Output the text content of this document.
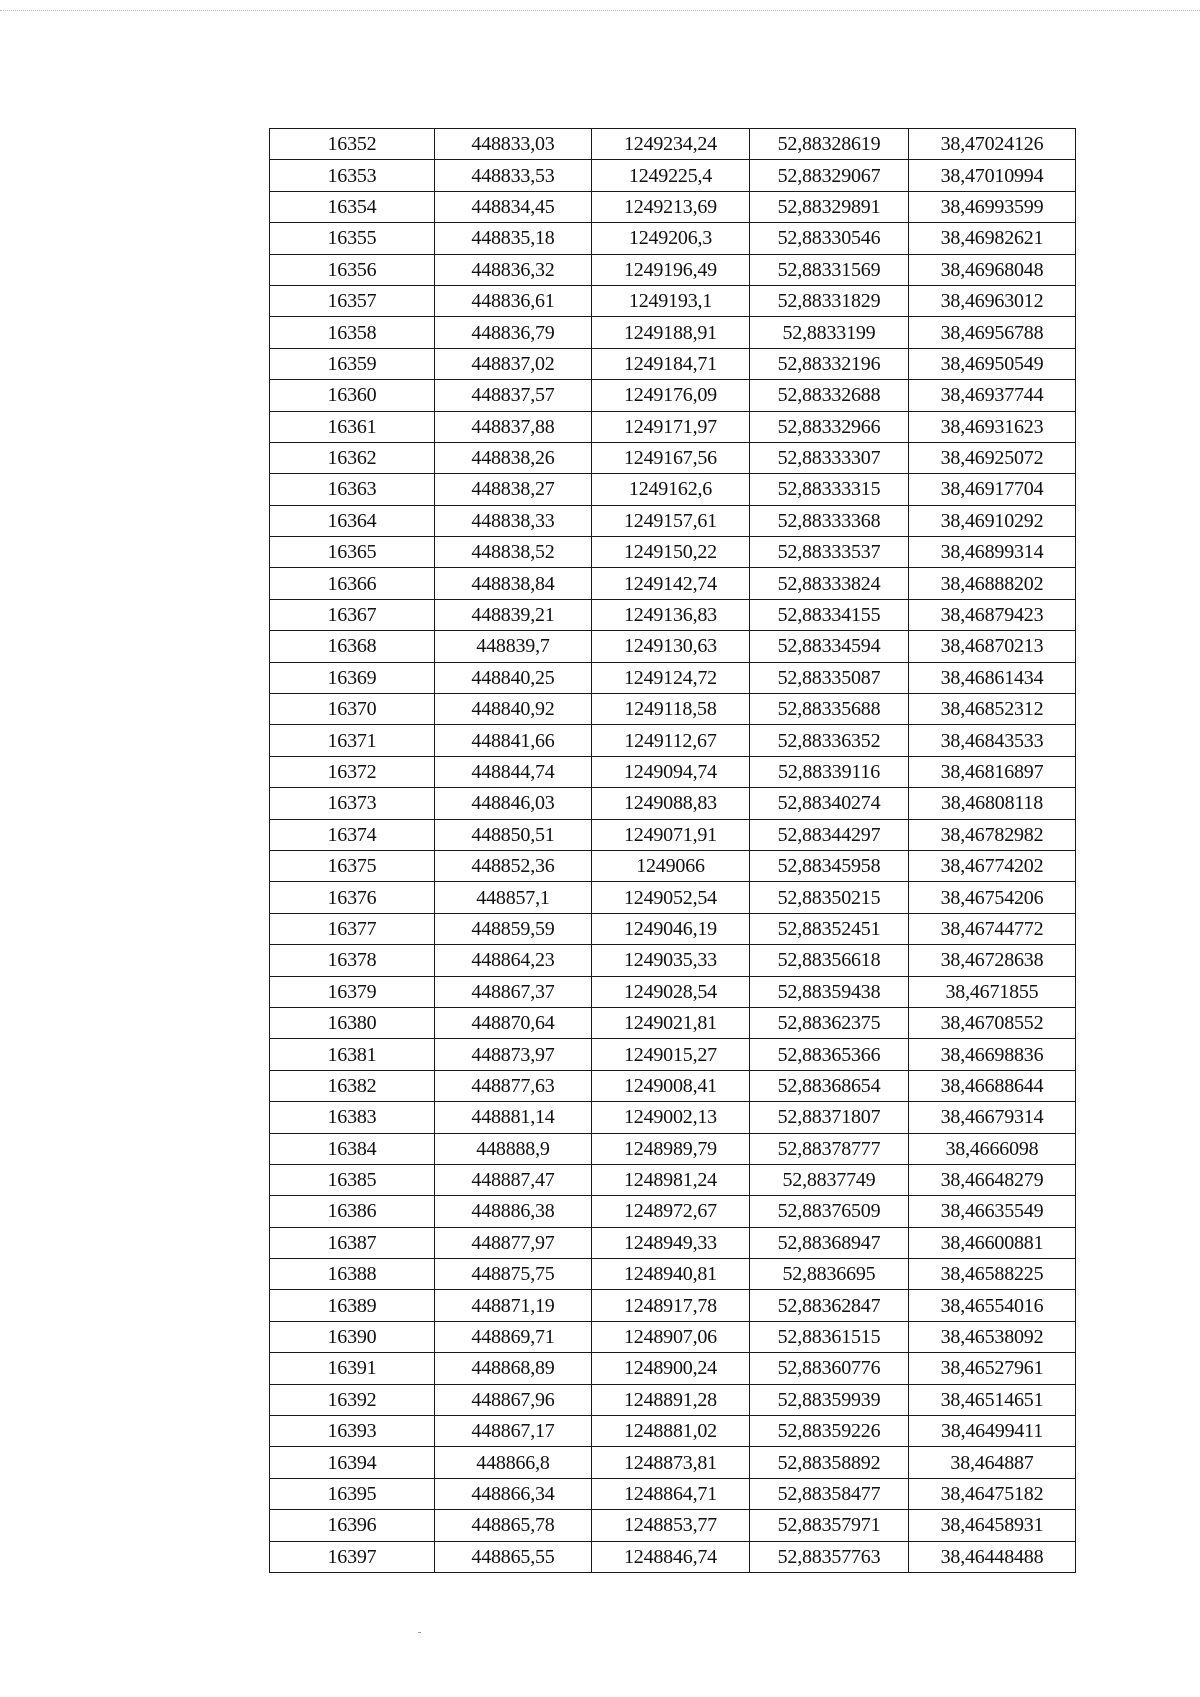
16352	448833,03	1249234,24	52,88328619	38,47024126
16353	448833,53	1249225,4	52,88329067	38,47010994
16354	448834,45	1249213,69	52,88329891	38,46993599
16355	448835,18	1249206,3	52,88330546	38,46982621
16356	448836,32	1249196,49	52,88331569	38,46968048
16357	448836,61	1249193,1	52,88331829	38,46963012
16358	448836,79	1249188,91	52,8833199	38,46956788
16359	448837,02	1249184,71	52,88332196	38,46950549
16360	448837,57	1249176,09	52,88332688	38,46937744
16361	448837,88	1249171,97	52,88332966	38,46931623
16362	448838,26	1249167,56	52,88333307	38,46925072
16363	448838,27	1249162,6	52,88333315	38,46917704
16364	448838,33	1249157,61	52,88333368	38,46910292
16365	448838,52	1249150,22	52,88333537	38,46899314
16366	448838,84	1249142,74	52,88333824	38,46888202
16367	448839,21	1249136,83	52,88334155	38,46879423
16368	448839,7	1249130,63	52,88334594	38,46870213
16369	448840,25	1249124,72	52,88335087	38,46861434
16370	448840,92	1249118,58	52,88335688	38,46852312
16371	448841,66	1249112,67	52,88336352	38,46843533
16372	448844,74	1249094,74	52,88339116	38,46816897
16373	448846,03	1249088,83	52,88340274	38,46808118
16374	448850,51	1249071,91	52,88344297	38,46782982
16375	448852,36	1249066	52,88345958	38,46774202
16376	448857,1	1249052,54	52,88350215	38,46754206
16377	448859,59	1249046,19	52,88352451	38,46744772
16378	448864,23	1249035,33	52,88356618	38,46728638
16379	448867,37	1249028,54	52,88359438	38,4671855
16380	448870,64	1249021,81	52,88362375	38,46708552
16381	448873,97	1249015,27	52,88365366	38,46698836
16382	448877,63	1249008,41	52,88368654	38,46688644
16383	448881,14	1249002,13	52,88371807	38,46679314
16384	448888,9	1248989,79	52,88378777	38,4666098
16385	448887,47	1248981,24	52,8837749	38,46648279
16386	448886,38	1248972,67	52,88376509	38,46635549
16387	448877,97	1248949,33	52,88368947	38,46600881
16388	448875,75	1248940,81	52,8836695	38,46588225
16389	448871,19	1248917,78	52,88362847	38,46554016
16390	448869,71	1248907,06	52,88361515	38,46538092
16391	448868,89	1248900,24	52,88360776	38,46527961
16392	448867,96	1248891,28	52,88359939	38,46514651
16393	448867,17	1248881,02	52,88359226	38,46499411
16394	448866,8	1248873,81	52,88358892	38,464887
16395	448866,34	1248864,71	52,88358477	38,46475182
16396	448865,78	1248853,77	52,88357971	38,46458931
16397	448865,55	1248846,74	52,88357763	38,46448488
